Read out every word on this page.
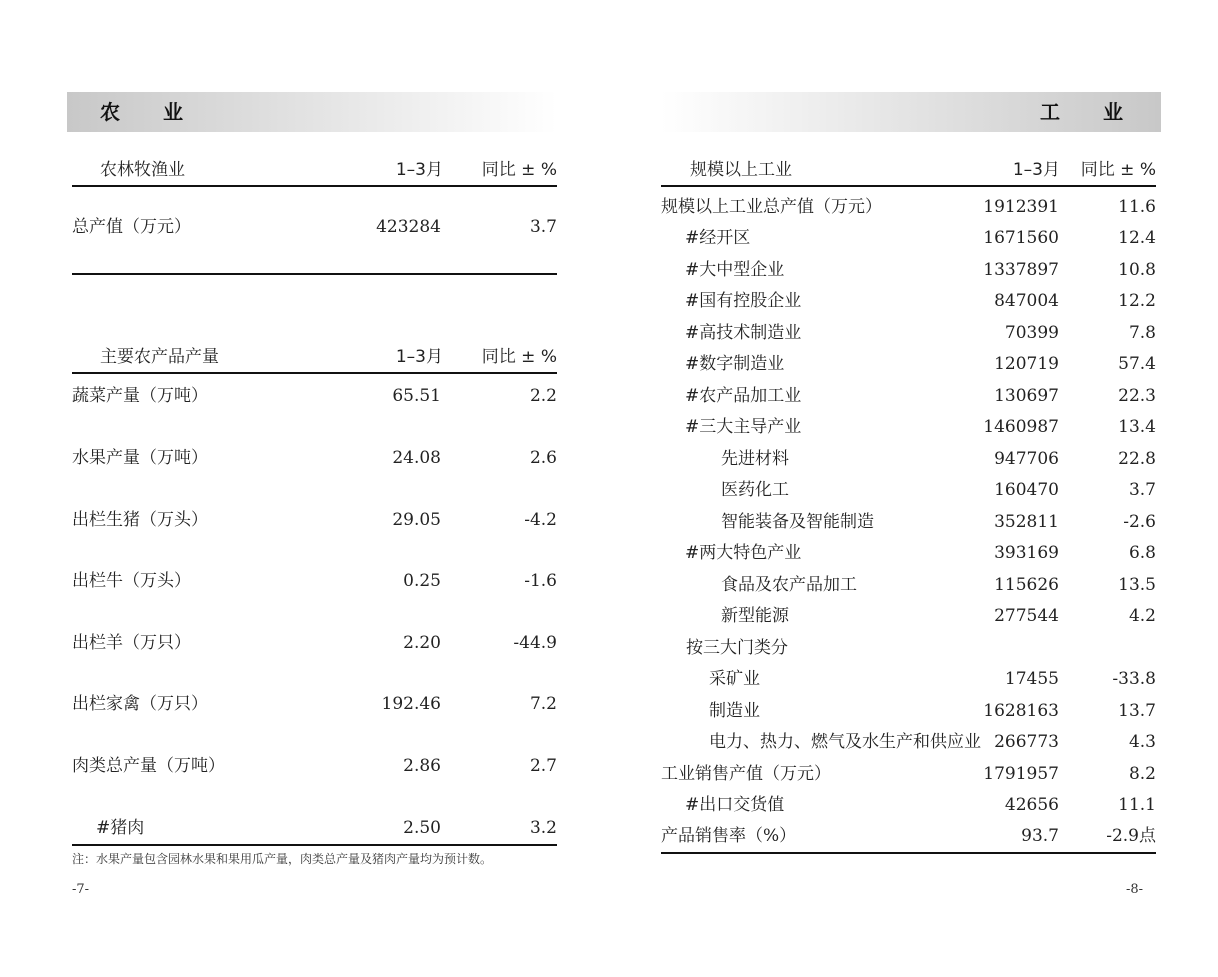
农 业
农林牧渔业	1–3月 同比 ± %
总产值（万元）	423284	3.7
主要农产品产量	1–3月 同比 ± %
蔬菜产量（万吨）	65.51	2.2
水果产量（万吨）	24.08	2.6
出栏生猪（万头）	29.05	-4.2
出栏牛（万头）	0.25	-1.6
出栏羊（万只）	2.20	-44.9
出栏家禽（万只）	192.46	7.2
肉类总产量（万吨）	2.86	2.7
#猪肉	2.50	3.2
注：水果产量包含园林水果和果用瓜产量，肉类总产量及猪肉产量均为预计数。
-7-
工 业
规模以上工业	1–3月 同比 ± %
规模以上工业总产值（万元）	1912391	11.6
#经开区	1671560	12.4
#大中型企业	1337897	10.8
#国有控股企业	847004	12.2
#高技术制造业	70399	7.8
#数字制造业	120719	57.4
#农产品加工业	130697	22.3
#三大主导产业	1460987	13.4
先进材料	947706	22.8
医药化工	160470	3.7
智能装备及智能制造	352811	-2.6
#两大特色产业	393169	6.8
食品及农产品加工	115626	13.5
新型能源	277544	4.2
按三大门类分
采矿业	17455	-33.8
制造业	1628163	13.7
电力、热力、燃气及水生产和供应业 266773	4.3
工业销售产值（万元）	1791957	8.2
#出口交货值	42656	11.1
产品销售率（%）	93.7	-2.9点
-8-
